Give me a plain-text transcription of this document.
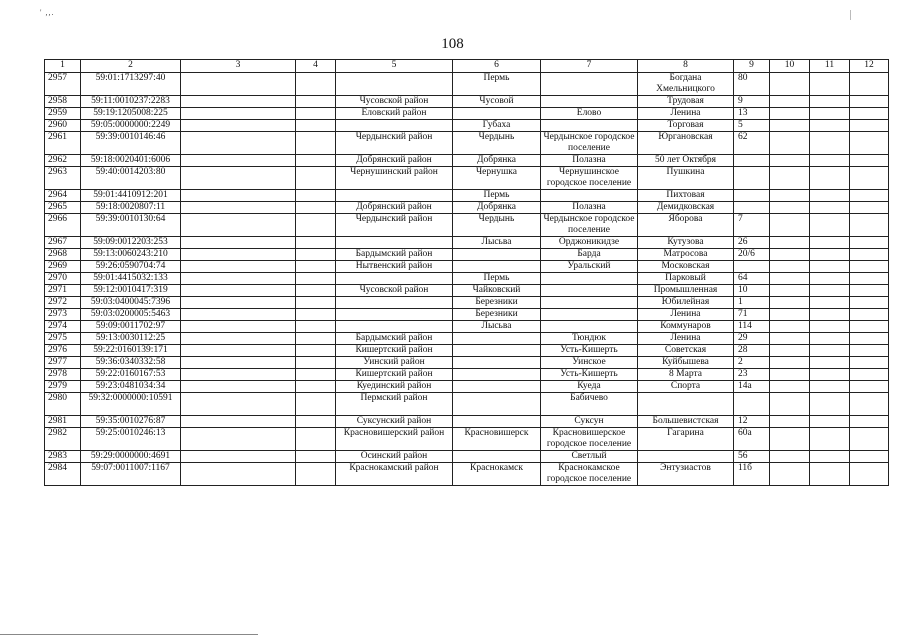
' ,,.
108
1	2	3	4	5	6	7	8	9	10	11	12
2957	59:01:1713297:40				Пермь		Богдана Хмельницкого	80			
2958	59:11:0010237:2283			Чусовской район	Чусовой		Трудовая	9			
2959	59:19:1205008:225			Еловский район		Елово	Ленина	13			
2960	59:05:0000000:2249				Губаха		Торговая	5			
2961	59:39:0010146:46			Чердынский район	Чердынь	Чердынское городское поселение	Юргановская	62			
2962	59:18:0020401:6006			Добрянский район	Добрянка	Полазна	50 лет Октября				
2963	59:40:0014203:80			Чернушинский район	Чернушка	Чернушинское городское поселение	Пушкина				
2964	59:01:4410912:201				Пермь		Пихтовая				
2965	59:18:0020807:11			Добрянский район	Добрянка	Полазна	Демидковская				
2966	59:39:0010130:64			Чердынский район	Чердынь	Чердынское городское поселение	Яборова	7			
2967	59:09:0012203:253				Лысьва	Орджоникидзе	Кутузова	26			
2968	59:13:0060243:210			Бардымский район		Барда	Матросова	20/6			
2969	59:26:0590704:74			Нытвенский район		Уральский	Московская				
2970	59:01:4415032:133				Пермь		Парковый	64			
2971	59:12:0010417:319			Чусовской район	Чайковский		Промышленная	10			
2972	59:03:0400045:7396				Березники		Юбилейная	1			
2973	59:03:0200005:5463				Березники		Ленина	71			
2974	59:09:0011702:97				Лысьва		Коммунаров	114			
2975	59:13:0030112:25			Бардымский район		Тюндюк	Ленина	29			
2976	59:22:0160139:171			Кишертский район		Усть-Кишерть	Советская	28			
2977	59:36:0340332:58			Уинский район		Уинское	Куйбышева	2			
2978	59:22:0160167:53			Кишертский район		Усть-Кишерть	8 Марта	23			
2979	59:23:0481034:34			Куединский район		Куеда	Спорта	14а			
2980	59:32:0000000:10591			Пермский район		Бабичево					
2981	59:35:0010276:87			Суксунский район		Суксун	Большевистская	12			
2982	59:25:0010246:13			Красновишерский район	Красновишерск	Красновишерское городское поселение	Гагарина	60а			
2983	59:29:0000000:4691			Осинский район		Светлый		56			
2984	59:07:0011007:1167			Краснокамский район	Краснокамск	Краснокамское городское поселение	Энтузиастов	11б			
